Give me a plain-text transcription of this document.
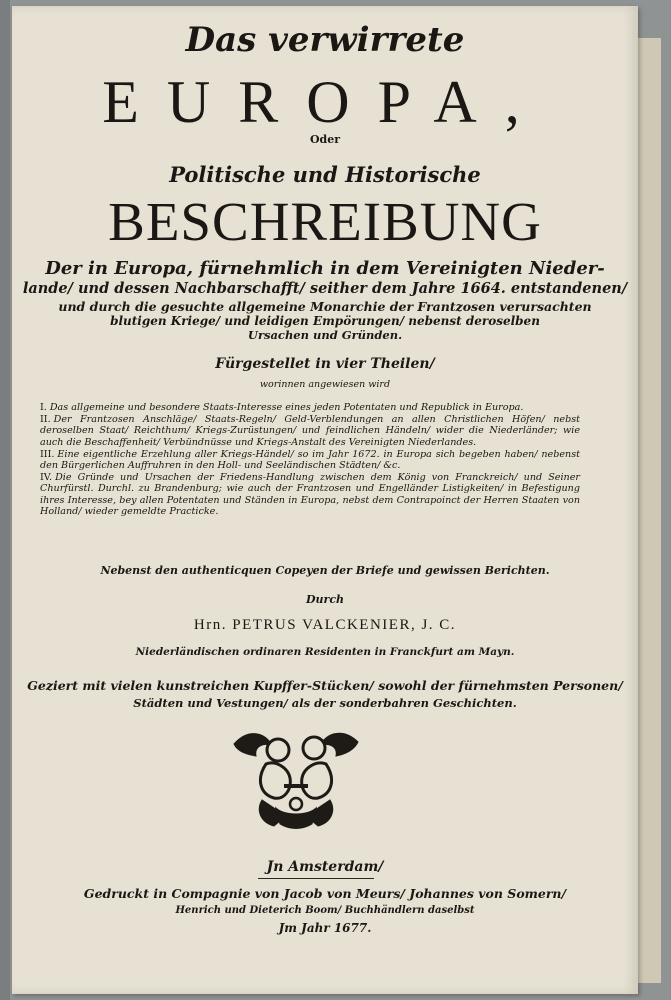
Das verwirrete
EUROPA,
Oder
Politische und Historische
BESCHREIBUNG
Der in Europa, fürnehmlich in dem Vereinigten Nieder-
lande/ und dessen Nachbarschafft/ seither dem Jahre 1664. entstandenen/
und durch die gesuchte allgemeine Monarchie der Frantzosen verursachten
blutigen Kriege/ und leidigen Empörungen/ nebenst deroselben
Ursachen und Gründen.
Fürgestellet in vier Theilen/
worinnen angewiesen wird
I. Das allgemeine und besondere Staats-Interesse eines jeden Potentaten und Republick in Europa.
II. Der Frantzosen Anschläge/ Staats-Regeln/ Geld-Verblendungen an allen Christlichen Höfen/ nebst deroselben Staat/ Reichthum/ Kriegs-Zurüstungen/ und feindlichen Händeln/ wider die Niederländer; wie auch die Beschaffenheit/ Verbündnüsse und Kriegs-Anstalt des Vereinigten Niederlandes.
III. Eine eigentliche Erzehlung aller Kriegs-Händel/ so im Jahr 1672. in Europa sich begeben haben/ nebenst den Bürgerlichen Auffruhren in den Holl- und Seeländischen Städten/ &c.
IV. Die Gründe und Ursachen der Friedens-Handlung zwischen dem König von Franckreich/ und Seiner Churfürstl. Durchl. zu Brandenburg; wie auch der Frantzosen und Engelländer Listigkeiten/ in Befestigung ihres Interesse, bey allen Potentaten und Ständen in Europa, nebst dem Contrapoinct der Herren Staaten von Holland/ wieder gemeldte Practicke.
Nebenst den authenticquen Copeyen der Briefe und gewissen Berichten.
Durch
Hrn. PETRUS VALCKENIER, J. C.
Niederländischen ordinaren Residenten in Franckfurt am Mayn.
Geziert mit vielen kunstreichen Kupffer-Stücken/ sowohl der fürnehmsten Personen/
Städten und Vestungen/ als der sonderbahren Geschichten.
Jn Amsterdam/
Gedruckt in Compagnie von Jacob von Meurs/ Johannes von Somern/
Henrich und Dieterich Boom/ Buchhändlern daselbst
Jm Jahr 1677.
